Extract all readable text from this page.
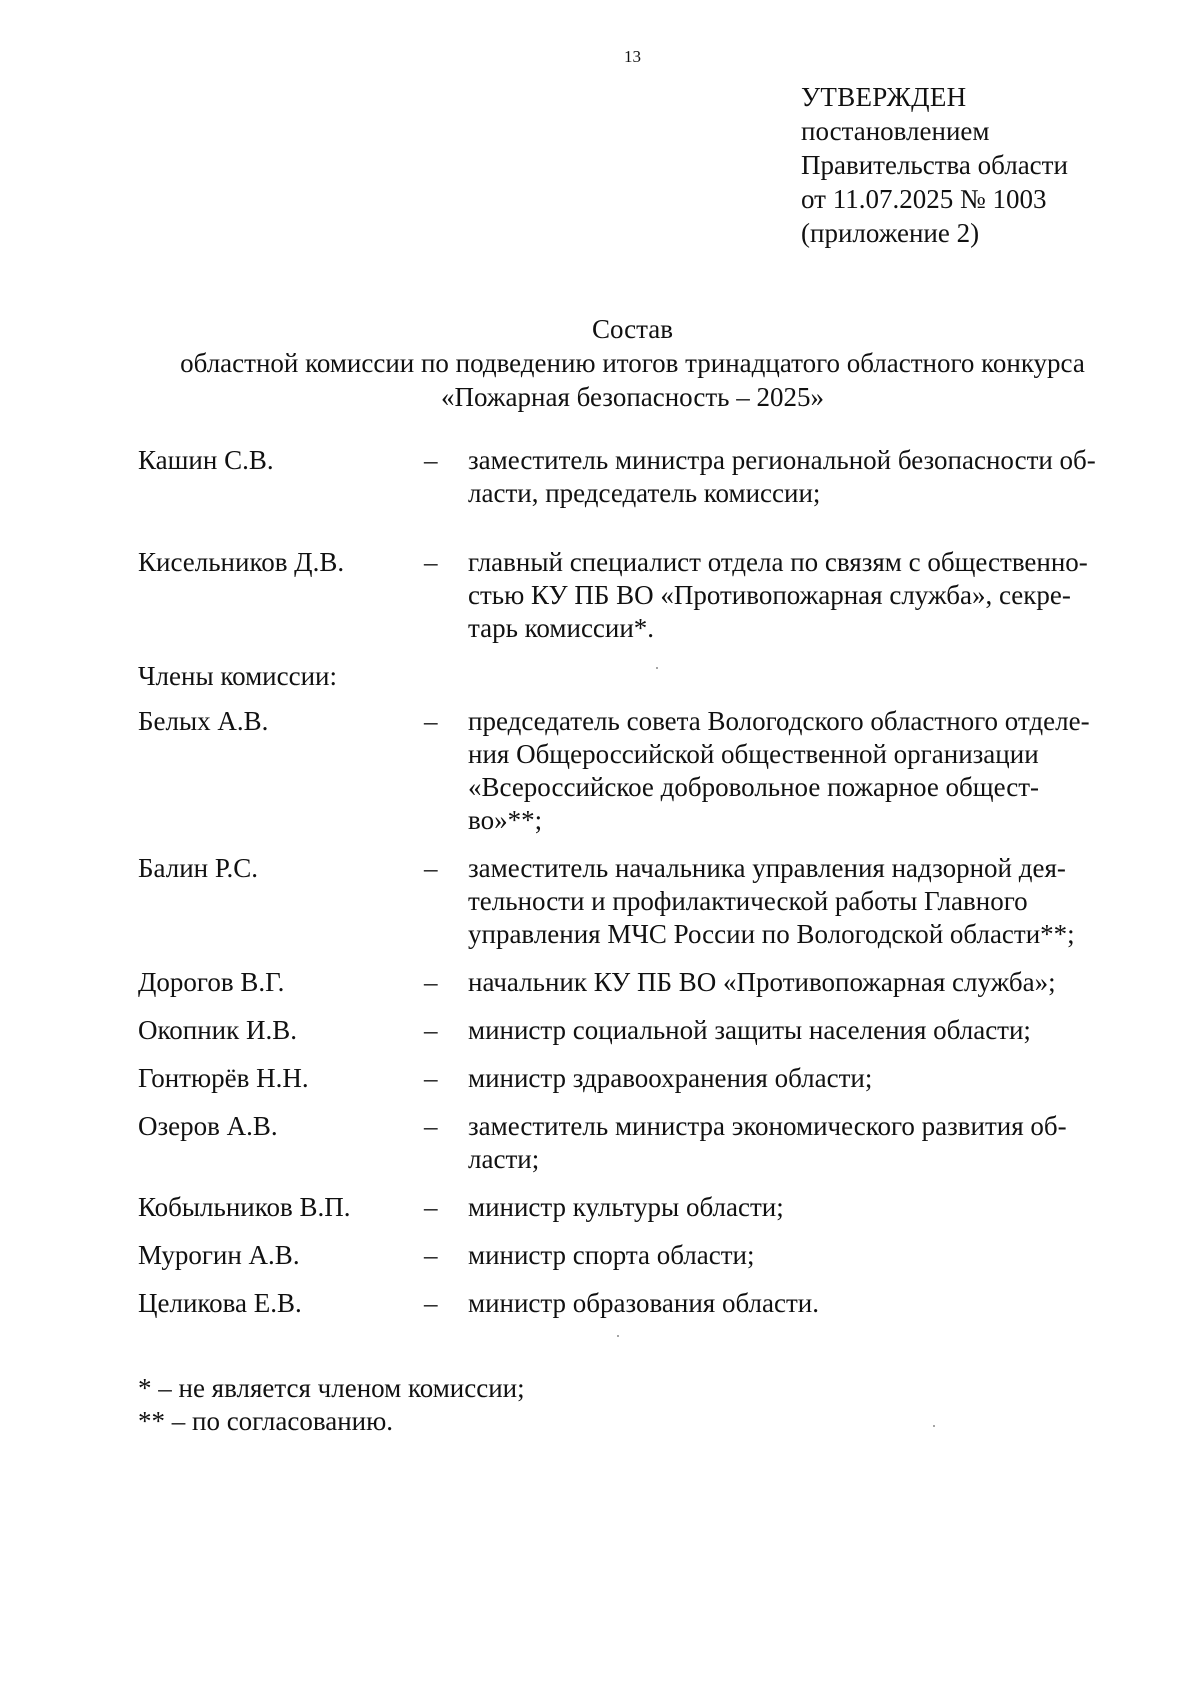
13
УТВЕРЖДЕН
постановлением
Правительства области
от 11.07.2025 № 1003
(приложение 2)
Состав
областной комиссии по подведению итогов тринадцатого областного конкурса
«Пожарная безопасность – 2025»
Кашин С.В.	– заместитель министра региональной безопасности об-
ласти, председатель комиссии;
Кисельников Д.В.	– главный специалист отдела по связям с общественно-
стью КУ ПБ ВО «Противопожарная служба», секре-
тарь комиссии*.
Члены комиссии:
Белых А.В.	– председатель совета Вологодского областного отделе-
ния Общероссийской общественной организации
«Всероссийское добровольное пожарное общест-
во»**;
Балин Р.С.	– заместитель начальника управления надзорной дея-
тельности и профилактической работы Главного
управления МЧС России по Вологодской области**;
Дорогов В.Г.	– начальник КУ ПБ ВО «Противопожарная служба»;
Окопник И.В.	– министр социальной защиты населения области;
Гонтюрёв Н.Н.	– министр здравоохранения области;
Озеров А.В.	– заместитель министра экономического развития об-
ласти;
Кобыльников В.П.	– министр культуры области;
Мурогин А.В.	– министр спорта области;
Целикова Е.В.	– министр образования области.
* – не является членом комиссии;
** – по согласованию.
